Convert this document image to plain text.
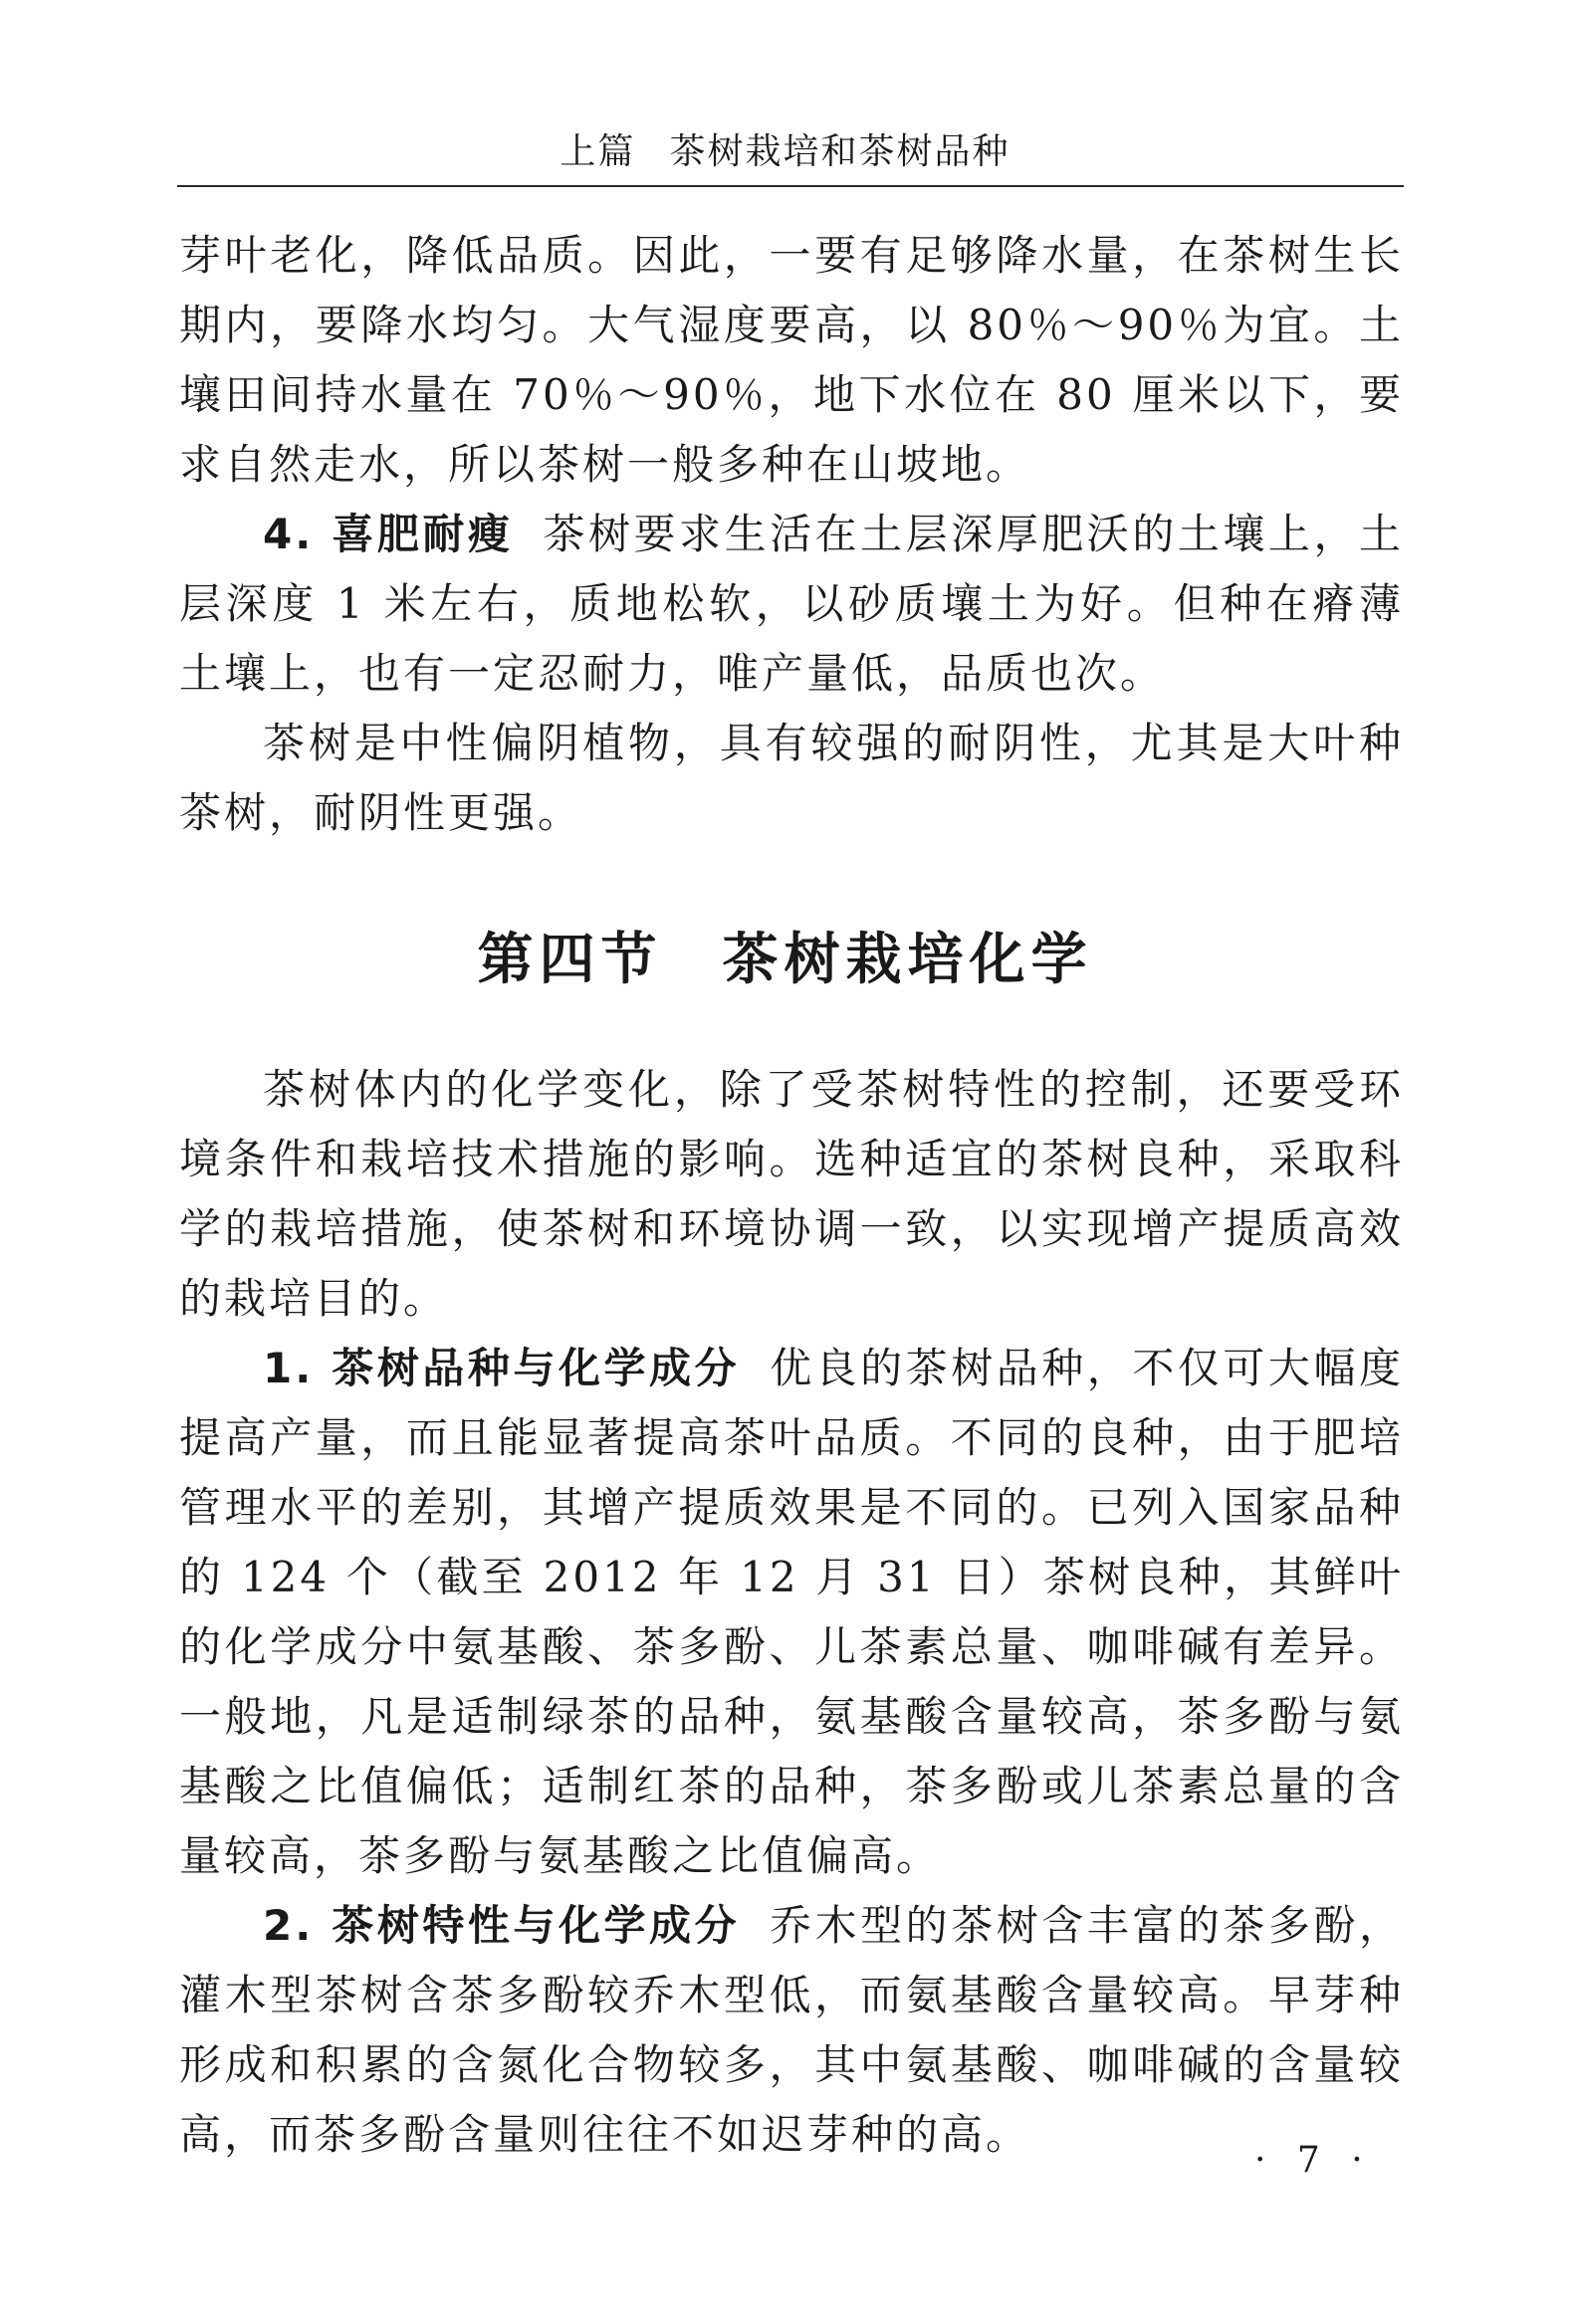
上篇 茶树栽培和茶树品种

芽叶老化，降低品质。因此，一要有足够降水量，在茶树生长期内，要降水均匀。大气湿度要高，以 80％～90％为宜。土壤田间持水量在 70％～90％，地下水位在 80 厘米以下，要求自然走水，所以茶树一般多种在山坡地。

4. 喜肥耐瘦 茶树要求生活在土层深厚肥沃的土壤上，土层深度 1 米左右，质地松软，以砂质壤土为好。但种在瘠薄土壤上，也有一定忍耐力，唯产量低，品质也次。

茶树是中性偏阴植物，具有较强的耐阴性，尤其是大叶种茶树，耐阴性更强。

第四节 茶树栽培化学

茶树体内的化学变化，除了受茶树特性的控制，还要受环境条件和栽培技术措施的影响。选种适宜的茶树良种，采取科学的栽培措施，使茶树和环境协调一致，以实现增产提质高效的栽培目的。

1. 茶树品种与化学成分 优良的茶树品种，不仅可大幅度提高产量，而且能显著提高茶叶品质。不同的良种，由于肥培管理水平的差别，其增产提质效果是不同的。已列入国家品种的 124 个（截至 2012 年 12 月 31 日）茶树良种，其鲜叶的化学成分中氨基酸、茶多酚、儿茶素总量、咖啡碱有差异。一般地，凡是适制绿茶的品种，氨基酸含量较高，茶多酚与氨基酸之比值偏低；适制红茶的品种，茶多酚或儿茶素总量的含量较高，茶多酚与氨基酸之比值偏高。

2. 茶树特性与化学成分 乔木型的茶树含丰富的茶多酚，灌木型茶树含茶多酚较乔木型低，而氨基酸含量较高。早芽种形成和积累的含氮化合物较多，其中氨基酸、咖啡碱的含量较高，而茶多酚含量则往往不如迟芽种的高。

· 7 ·
